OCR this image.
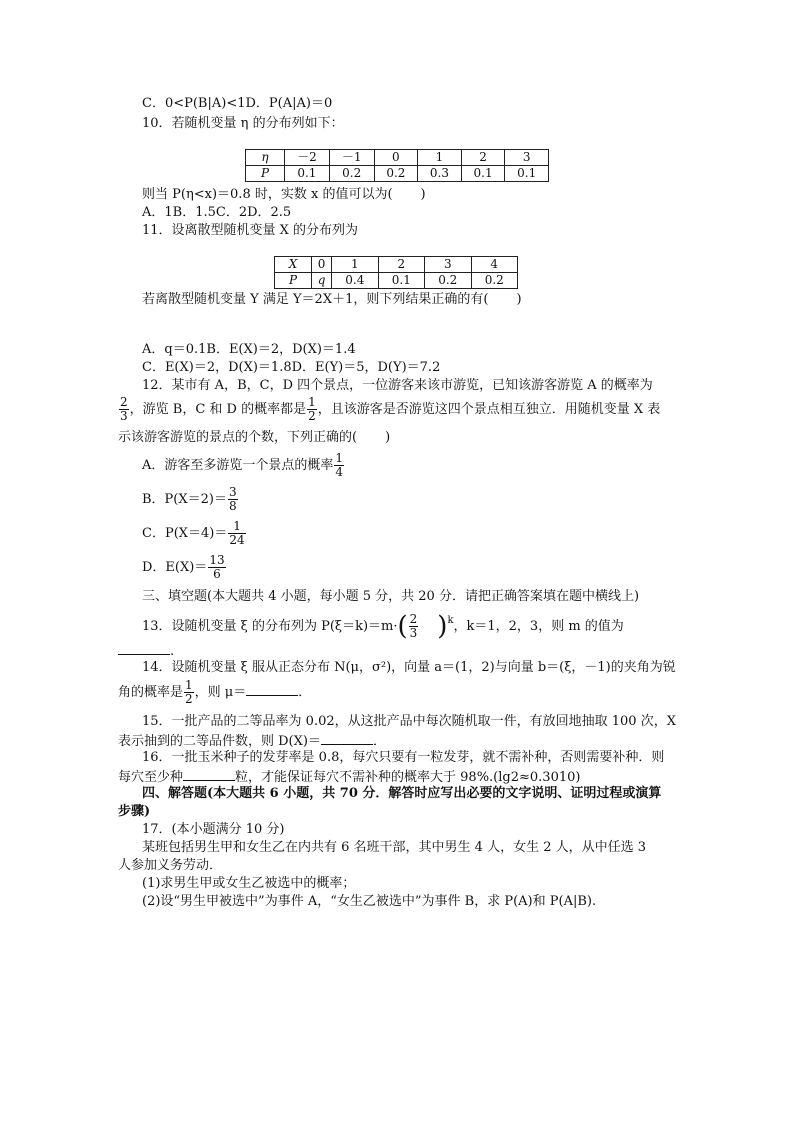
C．0<P(B|A)<1D．P(A|A)＝0
10．若随机变量 η 的分布列如下：
η	－2	－1	0	1	2	3
P	0.1	0.2	0.2	0.3	0.1	0.1
则当 P(η<x)＝0.8 时，实数 x 的值可以为( )
A．1B．1.5C．2D．2.5
11．设离散型随机变量 X 的分布列为
X	0	1	2	3	4
P	q	0.4	0.1	0.2	0.2
若离散型随机变量 Y 满足 Y＝2X＋1，则下列结果正确的有( )
A．q＝0.1B．E(X)＝2，D(X)＝1.4
C．E(X)＝2，D(X)＝1.8D．E(Y)＝5，D(Y)＝7.2
12．某市有 A，B，C，D 四个景点，一位游客来该市游览，已知该游客游览 A 的概率为
$\frac{2}{3}$ ，游览 B，C 和 D 的概率都是 $\frac{1}{2}$ ，且该游客是否游览这四个景点相互独立．用随机变量 X 表
示该游客游览的景点的个数，下列正确的( )
A．游客至多游览一个景点的概率 $\frac{1}{4}$
B．$P(X=2)= \frac{3}{8}$
C．$P(X=4)= \frac{1}{24}$
D．$E(X)= \frac{13}{6}$
三、填空题(本大题共 4 小题，每小题 5 分，共 20 分．请把正确答案填在题中横线上)
13．设随机变量 ξ 的分布列为 $P(\xi=k)=m\cdot( \frac{2}{3} )^k$，k＝1，2，3，则 m 的值为
.
14．设随机变量 ξ 服从正态分布 N(μ，σ²)，向量 a＝(1，2)与向量 b＝(ξ，－1)的夹角为锐
角的概率是 $\frac{1}{2}$ ，则 μ＝	．
15．一批产品的二等品率为 0.02，从这批产品中每次随机取一件，有放回地抽取 100 次，X
表示抽到的二等品件数，则 D(X)＝	．
16．一批玉米种子的发芽率是 0.8，每穴只要有一粒发芽，就不需补种，否则需要补种．则
每穴至少种	粒，才能保证每穴不需补种的概率大于 98%.(lg2≈0.3010)
四、解答题(本大题共 6 小题，共 70 分．解答时应写出必要的文字说明、证明过程或演算
步骤)
17．(本小题满分 10 分)
某班包括男生甲和女生乙在内共有 6 名班干部，其中男生 4 人，女生 2 人，从中任选 3
人参加义务劳动．
(1)求男生甲或女生乙被选中的概率；
(2)设“男生甲被选中”为事件 A，“女生乙被选中”为事件 B，求 P(A)和 P(A|B).
